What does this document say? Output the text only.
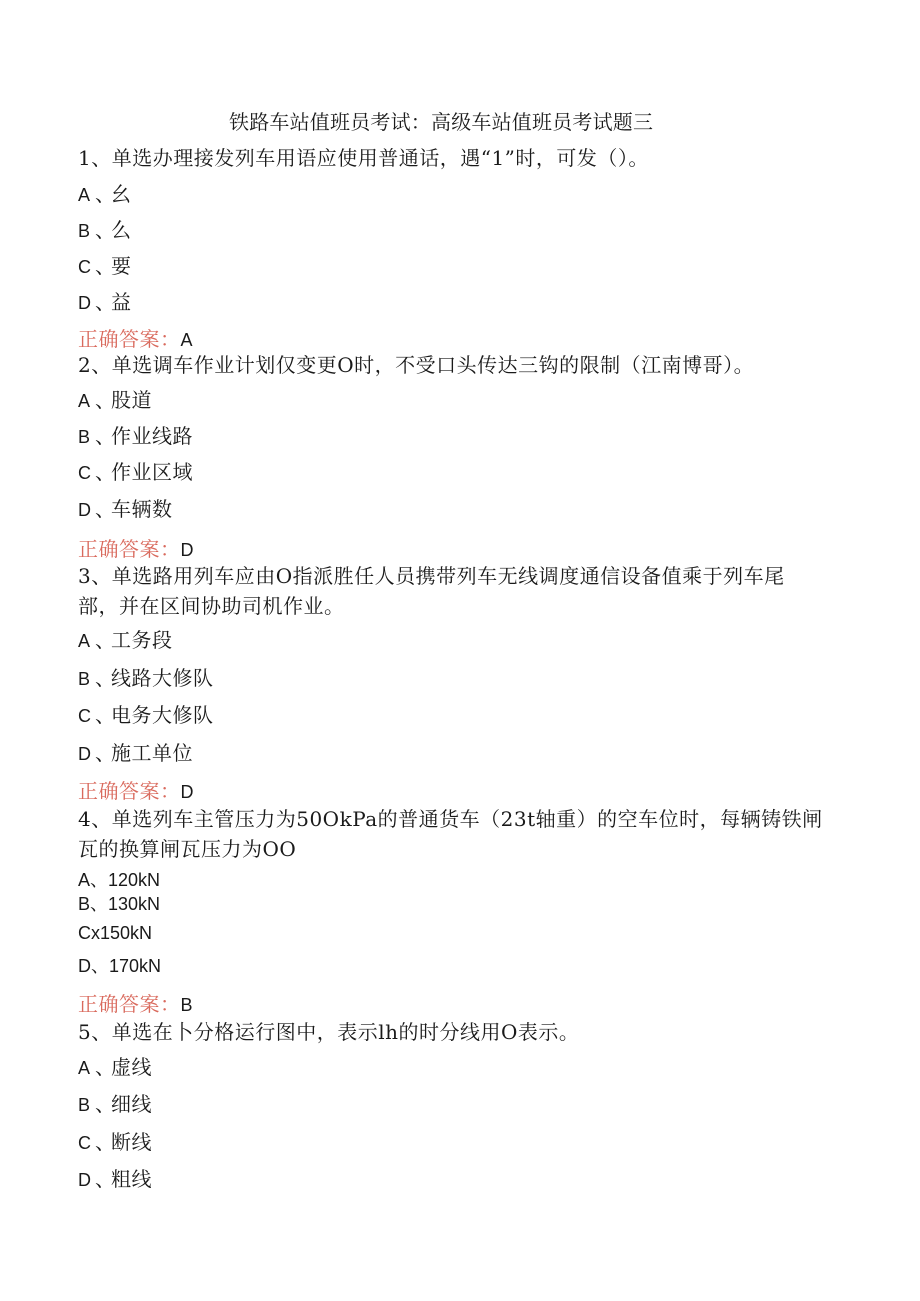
铁路车站值班员考试：高级车站值班员考试题三
1、单选办理接发列车用语应使用普通话，遇“1”时，可发（）。
A 、幺
B 、么
C 、要
D 、益
正确答案：A
2、单选调车作业计划仅变更O时，不受口头传达三钩的限制（江南博哥）。
A 、股道
B 、作业线路
C 、作业区域
D 、车辆数
正确答案：D
3、单选路用列车应由O指派胜任人员携带列车无线调度通信设备值乘于列车尾
部，并在区间协助司机作业。
A 、工务段
B 、线路大修队
C 、电务大修队
D 、施工单位
正确答案：D
4、单选列车主管压力为50OkPa的普通货车（23t轴重）的空车位时，每辆铸铁闸
瓦的换算闸瓦压力为OO
A、120kN
B、130kN
Cx150kN
D、170kN
正确答案：B
5、单选在卜分格运行图中，表示lh的时分线用O表示。
A 、虚线
B 、细线
C 、断线
D 、粗线
